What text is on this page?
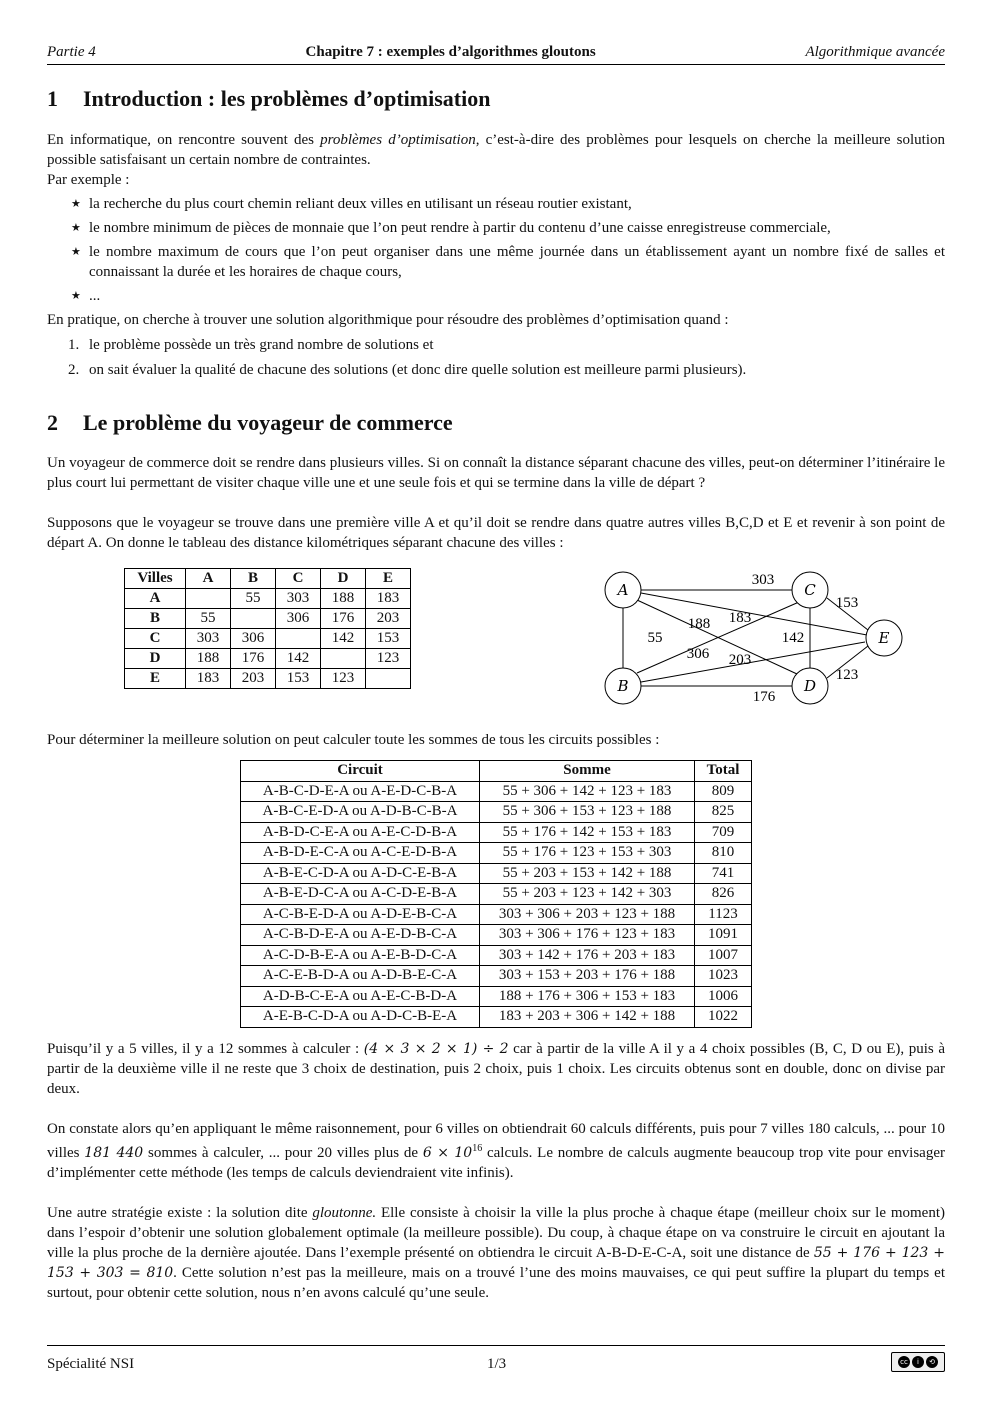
Partie 4	Chapitre 7 : exemples d’algorithmes gloutons	Algorithmique avancée
1 Introduction : les problèmes d’optimisation

En informatique, on rencontre souvent des problèmes d’optimisation, c’est-à-dire des problèmes pour lesquels on cherche la meilleure solution possible satisfaisant un certain nombre de contraintes.

Par exemple :

★ la recherche du plus court chemin reliant deux villes en utilisant un réseau routier existant,
★ le nombre minimum de pièces de monnaie que l’on peut rendre à partir du contenu d’une caisse enregistreuse commerciale,
★ le nombre maximum de cours que l’on peut organiser dans une même journée dans un établissement ayant un nombre fixé de salles et connaissant la durée et les horaires de chaque cours,
★ ...

En pratique, on cherche à trouver une solution algorithmique pour résoudre des problèmes d’optimisation quand :

1. le problème possède un très grand nombre de solutions et
2. on sait évaluer la qualité de chacune des solutions (et donc dire quelle solution est meilleure parmi plusieurs).
2 Le problème du voyageur de commerce

Un voyageur de commerce doit se rendre dans plusieurs villes. Si on connaît la distance séparant chacune des villes, peut-on déterminer l’itinéraire le plus court lui permettant de visiter chaque ville une et une seule fois et qui se termine dans la ville de départ ?

Supposons que le voyageur se trouve dans une première ville A et qu’il doit se rendre dans quatre autres villes B,C,D et E et revenir à son point de départ A. On donne le tableau des distance kilométriques séparant chacune des villes :

Villes	A	B	C	D	E
A		55	303	188	183
B	55		306	176	203
C	303	306		142	153
D	188	176	142		123
E	183	203	153	123	
A	C
E
B	D
303
153
183
188
55	142
306 203
123
176

Pour déterminer la meilleure solution on peut calculer toute les sommes de tous les circuits possibles :

Circuit	Somme	Total
A-B-C-D-E-A ou A-E-D-C-B-A	55 + 306 + 142 + 123 + 183	809
A-B-C-E-D-A ou A-D-B-C-B-A	55 + 306 + 153 + 123 + 188	825
A-B-D-C-E-A ou A-E-C-D-B-A	55 + 176 + 142 + 153 + 183	709
A-B-D-E-C-A ou A-C-E-D-B-A	55 + 176 + 123 + 153 + 303	810
A-B-E-C-D-A ou A-D-C-E-B-A	55 + 203 + 153 + 142 + 188	741
A-B-E-D-C-A ou A-C-D-E-B-A	55 + 203 + 123 + 142 + 303	826
A-C-B-E-D-A ou A-D-E-B-C-A	303 + 306 + 203 + 123 + 188	1123
A-C-B-D-E-A ou A-E-D-B-C-A	303 + 306 + 176 + 123 + 183	1091
A-C-D-B-E-A ou A-E-B-D-C-A	303 + 142 + 176 + 203 + 183	1007
A-C-E-B-D-A ou A-D-B-E-C-A	303 + 153 + 203 + 176 + 188	1023
A-D-B-C-E-A ou A-E-C-B-D-A	188 + 176 + 306 + 153 + 183	1006
A-E-B-C-D-A ou A-D-C-B-E-A	183 + 203 + 306 + 142 + 188	1022

Puisqu’il y a 5 villes, il y a 12 sommes à calculer : (4 × 3 × 2 × 1) ÷ 2 car à partir de la ville A il y a 4 choix possibles (B, C, D ou E), puis à partir de la deuxième ville il ne reste que 3 choix de destination, puis 2 choix, puis 1 choix. Les circuits obtenus sont en double, donc on divise par deux.

On constate alors qu’en appliquant le même raisonnement, pour 6 villes on obtiendrait 60 calculs différents, puis pour 7 villes 180 calculs, ... pour 10 villes 181 440 sommes à calculer, ... pour 20 villes plus de $6 \times 10^{16}$ calculs. Le nombre de calculs augmente beaucoup trop vite pour envisager d’implémenter cette méthode (les temps de calculs deviendraient vite infinis).

Une autre stratégie existe : la solution dite gloutonne. Elle consiste à choisir la ville la plus proche à chaque étape (meilleur choix sur le moment) dans l’espoir d’obtenir une solution globalement optimale (la meilleure possible). Du coup, à chaque étape on va construire le circuit en ajoutant la ville la plus proche de la dernière ajoutée. Dans l’exemple présenté on obtiendra le circuit A-B-D-E-C-A, soit une distance de 55 + 176 + 123 + 153 + 303 = 810. Cette solution n’est pas la meilleure, mais on a trouvé l’une des moins mauvaises, ce qui peut suffire la plupart du temps et surtout, pour obtenir cette solution, nous n’en avons calculé qu’une seule.

Spécialité NSI	1/3	cc	i	⟲
